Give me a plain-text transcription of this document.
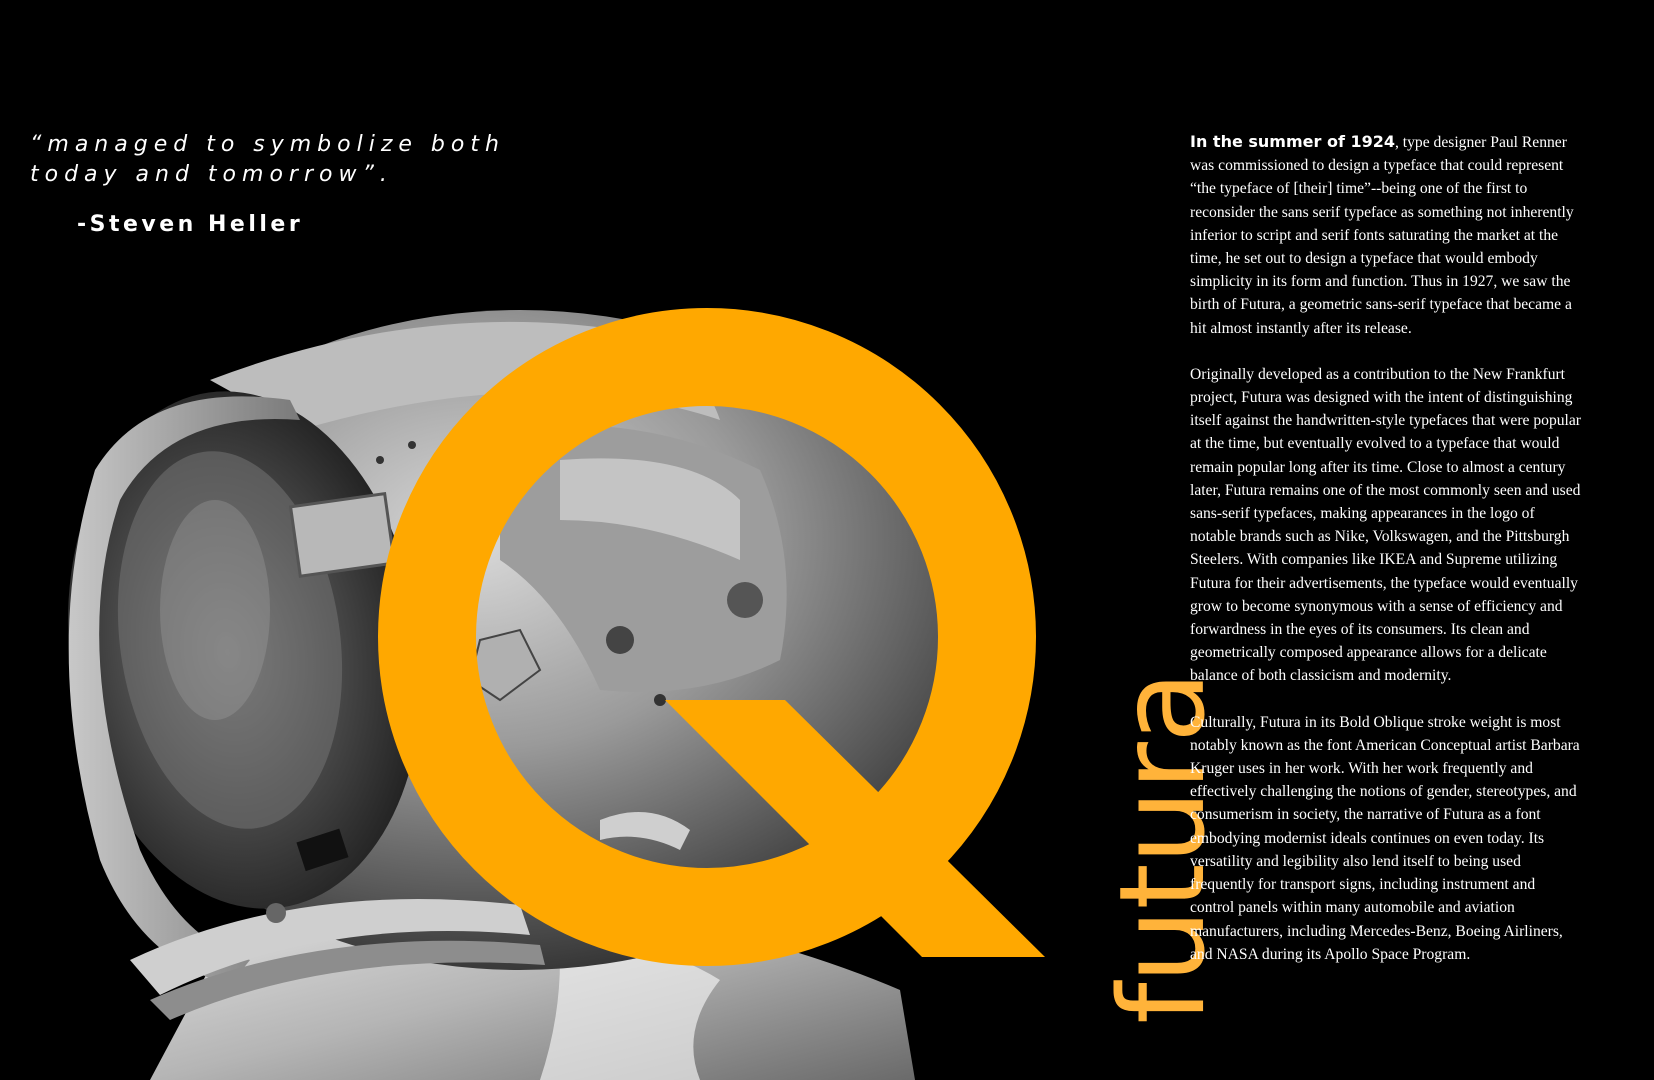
“managed to symbolize both today and tomorrow”.

-Steven Heller

futura

In the summer of 1924, type designer Paul Renner was commissioned to design a typeface that could represent “the typeface of [their] time”--being one of the first to reconsider the sans serif typeface as something not inherently inferior to script and serif fonts saturating the market at the time, he set out to design a typeface that would embody simplicity in its form and function. Thus in 1927, we saw the birth of Futura, a geometric sans-serif typeface that became a hit almost instantly after its release.

Originally developed as a contribution to the New Frankfurt project, Futura was designed with the intent of distinguishing itself against the handwritten-style typefaces that were popular at the time, but eventually evolved to a typeface that would remain popular long after its time. Close to almost a century later, Futura remains one of the most commonly seen and used sans-serif typefaces, making appearances in the logo of notable brands such as Nike, Volkswagen, and the Pittsburgh Steelers. With companies like IKEA and Supreme utilizing Futura for their advertisements, the typeface would eventually grow to become synonymous with a sense of efficiency and forwardness in the eyes of its consumers. Its clean and geometrically composed appearance allows for a delicate balance of both classicism and modernity.

Culturally, Futura in its Bold Oblique stroke weight is most notably known as the font American Conceptual artist Barbara Kruger uses in her work. With her work frequently and effectively challenging the notions of gender, stereotypes, and consumerism in society, the narrative of Futura as a font embodying modernist ideals continues on even today. Its versatility and legibility also lend itself to being used frequently for transport signs, including instrument and control panels within many automobile and aviation manufacturers, including Mercedes-Benz, Boeing Airliners, and NASA during its Apollo Space Program.
